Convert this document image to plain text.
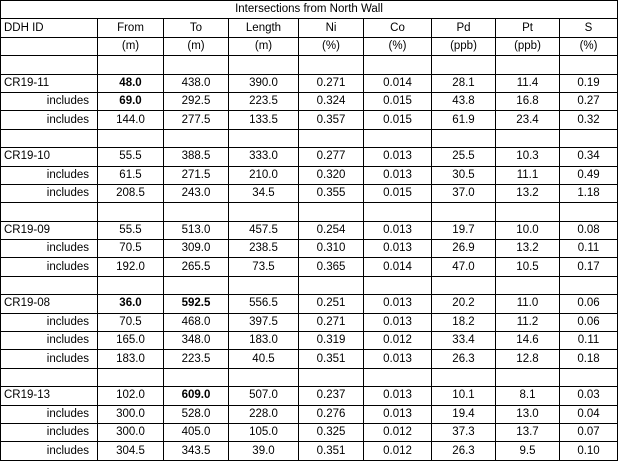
Intersections from North Wall								
DDH ID	From	To	Length	Ni	Co	Pd	Pt	S
	(m)	(m)	(m)	(%)	(%)	(ppb)	(ppb)	(%)

CR19-11	48.0	438.0	390.0	0.271	0.014	28.1	11.4	0.19
includes	69.0	292.5	223.5	0.324	0.015	43.8	16.8	0.27
includes	144.0	277.5	133.5	0.357	0.015	61.9	23.4	0.32

CR19-10	55.5	388.5	333.0	0.277	0.013	25.5	10.3	0.34
includes	61.5	271.5	210.0	0.320	0.013	30.5	11.1	0.49
includes	208.5	243.0	34.5	0.355	0.015	37.0	13.2	1.18

CR19-09	55.5	513.0	457.5	0.254	0.013	19.7	10.0	0.08
includes	70.5	309.0	238.5	0.310	0.013	26.9	13.2	0.11
includes	192.0	265.5	73.5	0.365	0.014	47.0	10.5	0.17

CR19-08	36.0	592.5	556.5	0.251	0.013	20.2	11.0	0.06
includes	70.5	468.0	397.5	0.271	0.013	18.2	11.2	0.06
includes	165.0	348.0	183.0	0.319	0.012	33.4	14.6	0.11
includes	183.0	223.5	40.5	0.351	0.013	26.3	12.8	0.18

CR19-13	102.0	609.0	507.0	0.237	0.013	10.1	8.1	0.03
includes	300.0	528.0	228.0	0.276	0.013	19.4	13.0	0.04
includes	300.0	405.0	105.0	0.325	0.012	37.3	13.7	0.07
includes	304.5	343.5	39.0	0.351	0.012	26.3	9.5	0.10
